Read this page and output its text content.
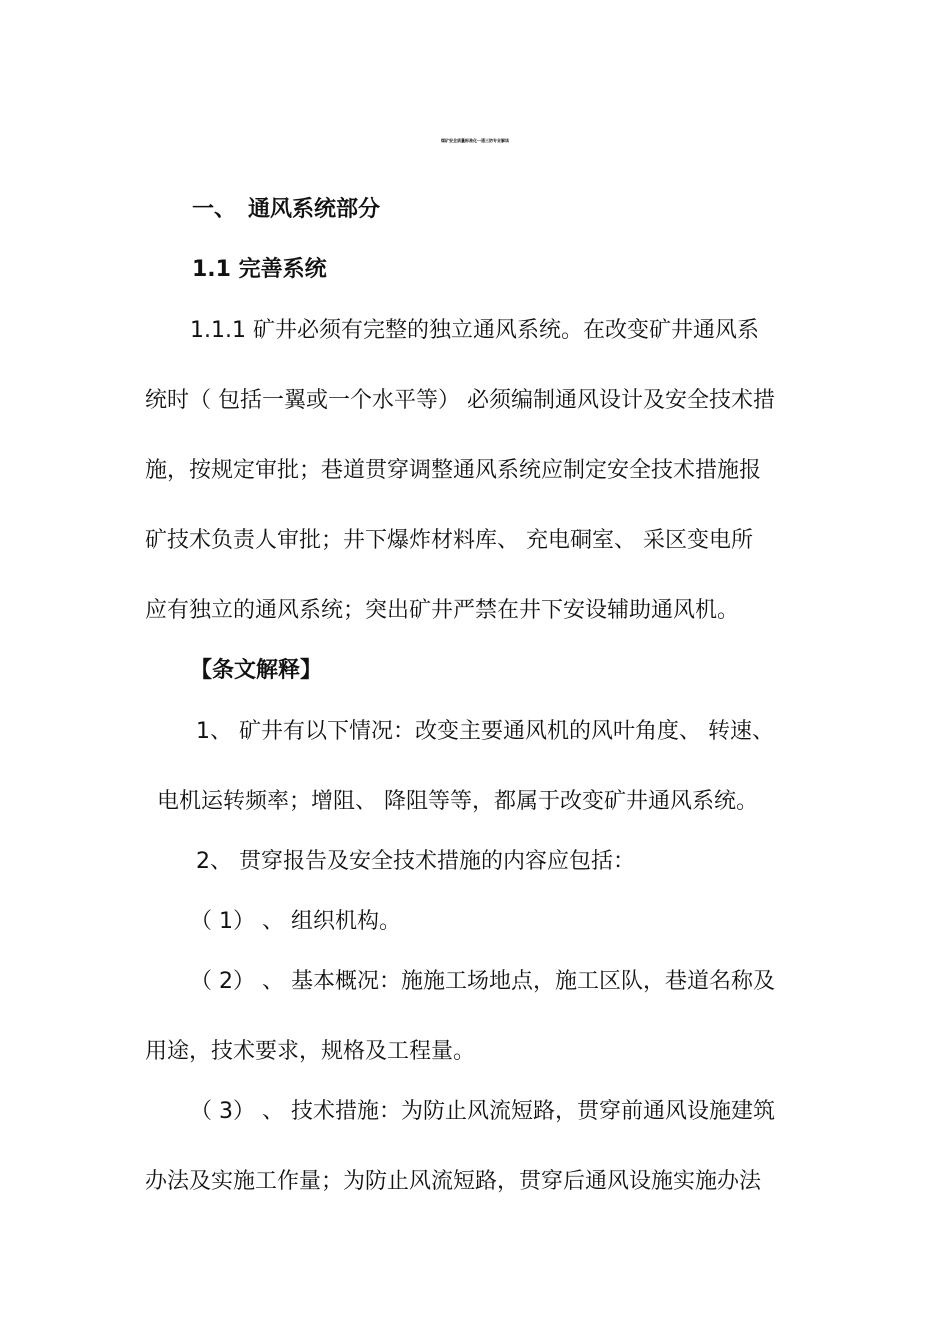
煤矿安全质量标准化一通三防专业解读
一、 通风系统部分
1.1 完善系统
1.1.1 矿井必须有完整的独立通风系统。在改变矿井通风系
统时（ 包括一翼或一个水平等） 必须编制通风设计及安全技术措
施，按规定审批；巷道贯穿调整通风系统应制定安全技术措施报
矿技术负责人审批；井下爆炸材料库、 充电硐室、 采区变电所
应有独立的通风系统；突出矿井严禁在井下安设辅助通风机。
【条文解释】
1、 矿井有以下情况：改变主要通风机的风叶角度、 转速、
电机运转频率；增阻、 降阻等等，都属于改变矿井通风系统。
2、 贯穿报告及安全技术措施的内容应包括：
（ 1） 、 组织机构。
（ 2） 、 基本概况：施施工场地点，施工区队，巷道名称及
用途，技术要求，规格及工程量。
（ 3） 、 技术措施：为防止风流短路，贯穿前通风设施建筑
办法及实施工作量；为防止风流短路，贯穿后通风设施实施办法
